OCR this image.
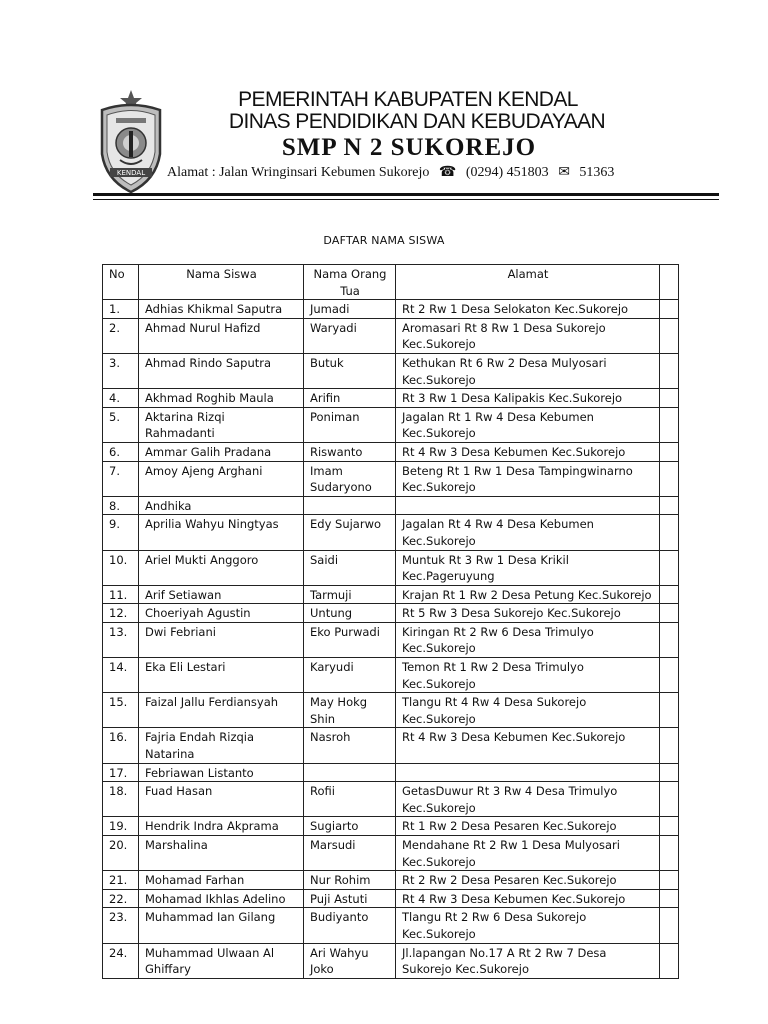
KENDAL
PEMERINTAH KABUPATEN KENDAL
DINAS PENDIDIKAN DAN KEBUDAYAAN
SMP N 2 SUKOREJO
Alamat : Jalan Wringinsari Kebumen Sukorejo ☎ (0294) 451803 ✉ 51363
DAFTAR NAMA SISWA
No	Nama Siswa	Nama Orang Tua	Alamat	
1.	Adhias Khikmal Saputra	Jumadi	Rt 2 Rw 1 Desa Selokaton Kec.Sukorejo	
2.	Ahmad Nurul Hafizd	Waryadi	Aromasari Rt 8 Rw 1 Desa Sukorejo Kec.Sukorejo	
3.	Ahmad Rindo Saputra	Butuk	Kethukan Rt 6 Rw 2 Desa Mulyosari Kec.Sukorejo	
4.	Akhmad Roghib Maula	Arifin	Rt 3 Rw 1 Desa Kalipakis Kec.Sukorejo	
5.	Aktarina Rizqi Rahmadanti	Poniman	Jagalan Rt 1 Rw 4 Desa Kebumen Kec.Sukorejo	
6.	Ammar Galih Pradana	Riswanto	Rt 4 Rw 3 Desa Kebumen Kec.Sukorejo	
7.	Amoy Ajeng Arghani	Imam Sudaryono	Beteng Rt 1 Rw 1 Desa Tampingwinarno Kec.Sukorejo	
8.	Andhika			
9.	Aprilia Wahyu Ningtyas	Edy Sujarwo	Jagalan Rt 4 Rw 4 Desa Kebumen Kec.Sukorejo	
10.	Ariel Mukti Anggoro	Saidi	Muntuk Rt 3 Rw 1 Desa Krikil Kec.Pageruyung	
11.	Arif Setiawan	Tarmuji	Krajan Rt 1 Rw 2 Desa Petung Kec.Sukorejo	
12.	Choeriyah Agustin	Untung	Rt 5 Rw 3 Desa Sukorejo Kec.Sukorejo	
13.	Dwi Febriani	Eko Purwadi	Kiringan Rt 2 Rw 6 Desa Trimulyo Kec.Sukorejo	
14.	Eka Eli Lestari	Karyudi	Temon Rt 1 Rw 2 Desa Trimulyo Kec.Sukorejo	
15.	Faizal Jallu Ferdiansyah	May Hokg Shin	Tlangu Rt 4 Rw 4 Desa Sukorejo Kec.Sukorejo	
16.	Fajria Endah Rizqia Natarina	Nasroh	Rt 4 Rw 3 Desa Kebumen Kec.Sukorejo	
17.	Febriawan Listanto			
18.	Fuad Hasan	Rofii	GetasDuwur Rt 3 Rw 4 Desa Trimulyo Kec.Sukorejo	
19.	Hendrik Indra Akprama	Sugiarto	Rt 1 Rw 2 Desa Pesaren Kec.Sukorejo	
20.	Marshalina	Marsudi	Mendahane Rt 2 Rw 1 Desa Mulyosari Kec.Sukorejo	
21.	Mohamad Farhan	Nur Rohim	Rt 2 Rw 2 Desa Pesaren Kec.Sukorejo	
22.	Mohamad Ikhlas Adelino	Puji Astuti	Rt 4 Rw 3 Desa Kebumen Kec.Sukorejo	
23.	Muhammad Ian Gilang	Budiyanto	Tlangu Rt 2 Rw 6 Desa Sukorejo Kec.Sukorejo	
24.	Muhammad Ulwaan Al Ghiffary	Ari Wahyu Joko	Jl.lapangan No.17 A Rt 2 Rw 7 Desa Sukorejo Kec.Sukorejo	
